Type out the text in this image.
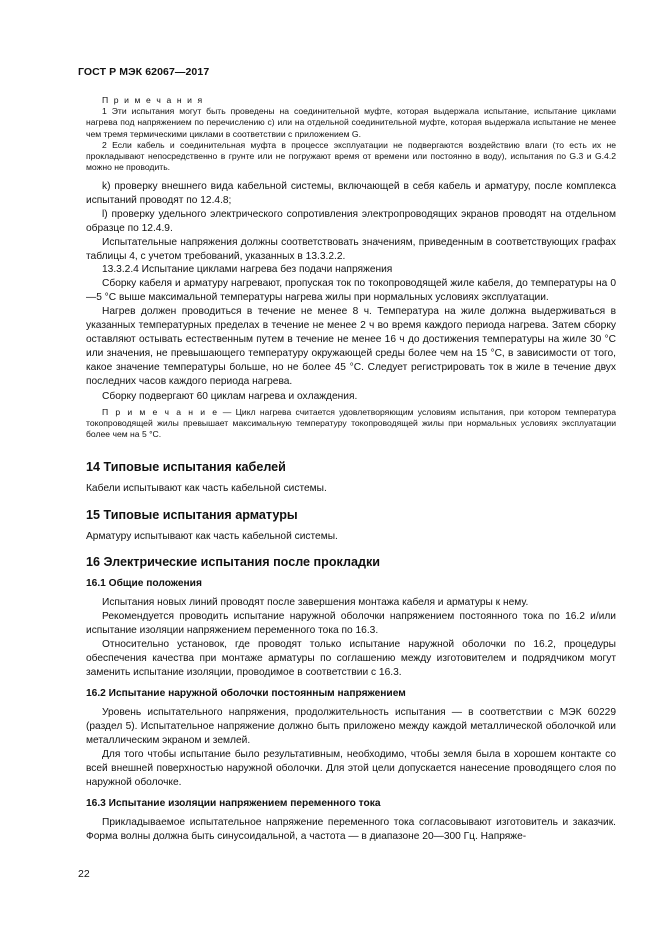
ГОСТ Р МЭК 62067—2017

П р и м е ч а н и я

1 Эти испытания могут быть проведены на соединительной муфте, которая выдержала испытание, испытание циклами нагрева под напряжением по перечислению c) или на отдельной соединительной муфте, которая выдержала испытание не менее чем тремя термическими циклами в соответствии с приложением G.

2 Если кабель и соединительная муфта в процессе эксплуатации не подвергаются воздействию влаги (то есть их не прокладывают непосредственно в грунте или не погружают время от времени или постоянно в воду), испытания по G.3 и G.4.2 можно не проводить.

k) проверку внешнего вида кабельной системы, включающей в себя кабель и арматуру, после комплекса испытаний проводят по 12.4.8;

l) проверку удельного электрического сопротивления электропроводящих экранов проводят на отдельном образце по 12.4.9.

Испытательные напряжения должны соответствовать значениям, приведенным в соответствующих графах таблицы 4, с учетом требований, указанных в 13.3.2.2.

13.3.2.4 Испытание циклами нагрева без подачи напряжения

Сборку кабеля и арматуру нагревают, пропуская ток по токопроводящей жиле кабеля, до температуры на 0—5 °С выше максимальной температуры нагрева жилы при нормальных условиях эксплуатации.

Нагрев должен проводиться в течение не менее 8 ч. Температура на жиле должна выдерживаться в указанных температурных пределах в течение не менее 2 ч во время каждого периода нагрева. Затем сборку оставляют остывать естественным путем в течение не менее 16 ч до достижения температуры на жиле 30 °С или значения, не превышающего температуру окружающей среды более чем на 15 °С, в зависимости от того, какое значение температуры больше, но не более 45 °С. Следует регистрировать ток в жиле в течение двух последних часов каждого периода нагрева.

Сборку подвергают 60 циклам нагрева и охлаждения.

П р и м е ч а н и е — Цикл нагрева считается удовлетворяющим условиям испытания, при котором температура токопроводящей жилы превышает максимальную температуру токопроводящей жилы при нормальных условиях эксплуатации более чем на 5 °С.

14 Типовые испытания кабелей

Кабели испытывают как часть кабельной системы.

15 Типовые испытания арматуры

Арматуру испытывают как часть кабельной системы.

16 Электрические испытания после прокладки
16.1 Общие положения

Испытания новых линий проводят после завершения монтажа кабеля и арматуры к нему.

Рекомендуется проводить испытание наружной оболочки напряжением постоянного тока по 16.2 и/или испытание изоляции напряжением переменного тока по 16.3.

Относительно установок, где проводят только испытание наружной оболочки по 16.2, процедуры обеспечения качества при монтаже арматуры по соглашению между изготовителем и подрядчиком могут заменить испытание изоляции, проводимое в соответствии с 16.3.

16.2 Испытание наружной оболочки постоянным напряжением

Уровень испытательного напряжения, продолжительность испытания — в соответствии с МЭК 60229 (раздел 5). Испытательное напряжение должно быть приложено между каждой металлической оболочкой или металлическим экраном и землей.

Для того чтобы испытание было результативным, необходимо, чтобы земля была в хорошем контакте со всей внешней поверхностью наружной оболочки. Для этой цели допускается нанесение проводящего слоя по наружной оболочке.

16.3 Испытание изоляции напряжением переменного тока

Прикладываемое испытательное напряжение переменного тока согласовывают изготовитель и заказчик. Форма волны должна быть синусоидальной, а частота — в диапазоне 20—300 Гц. Напряже-

22
